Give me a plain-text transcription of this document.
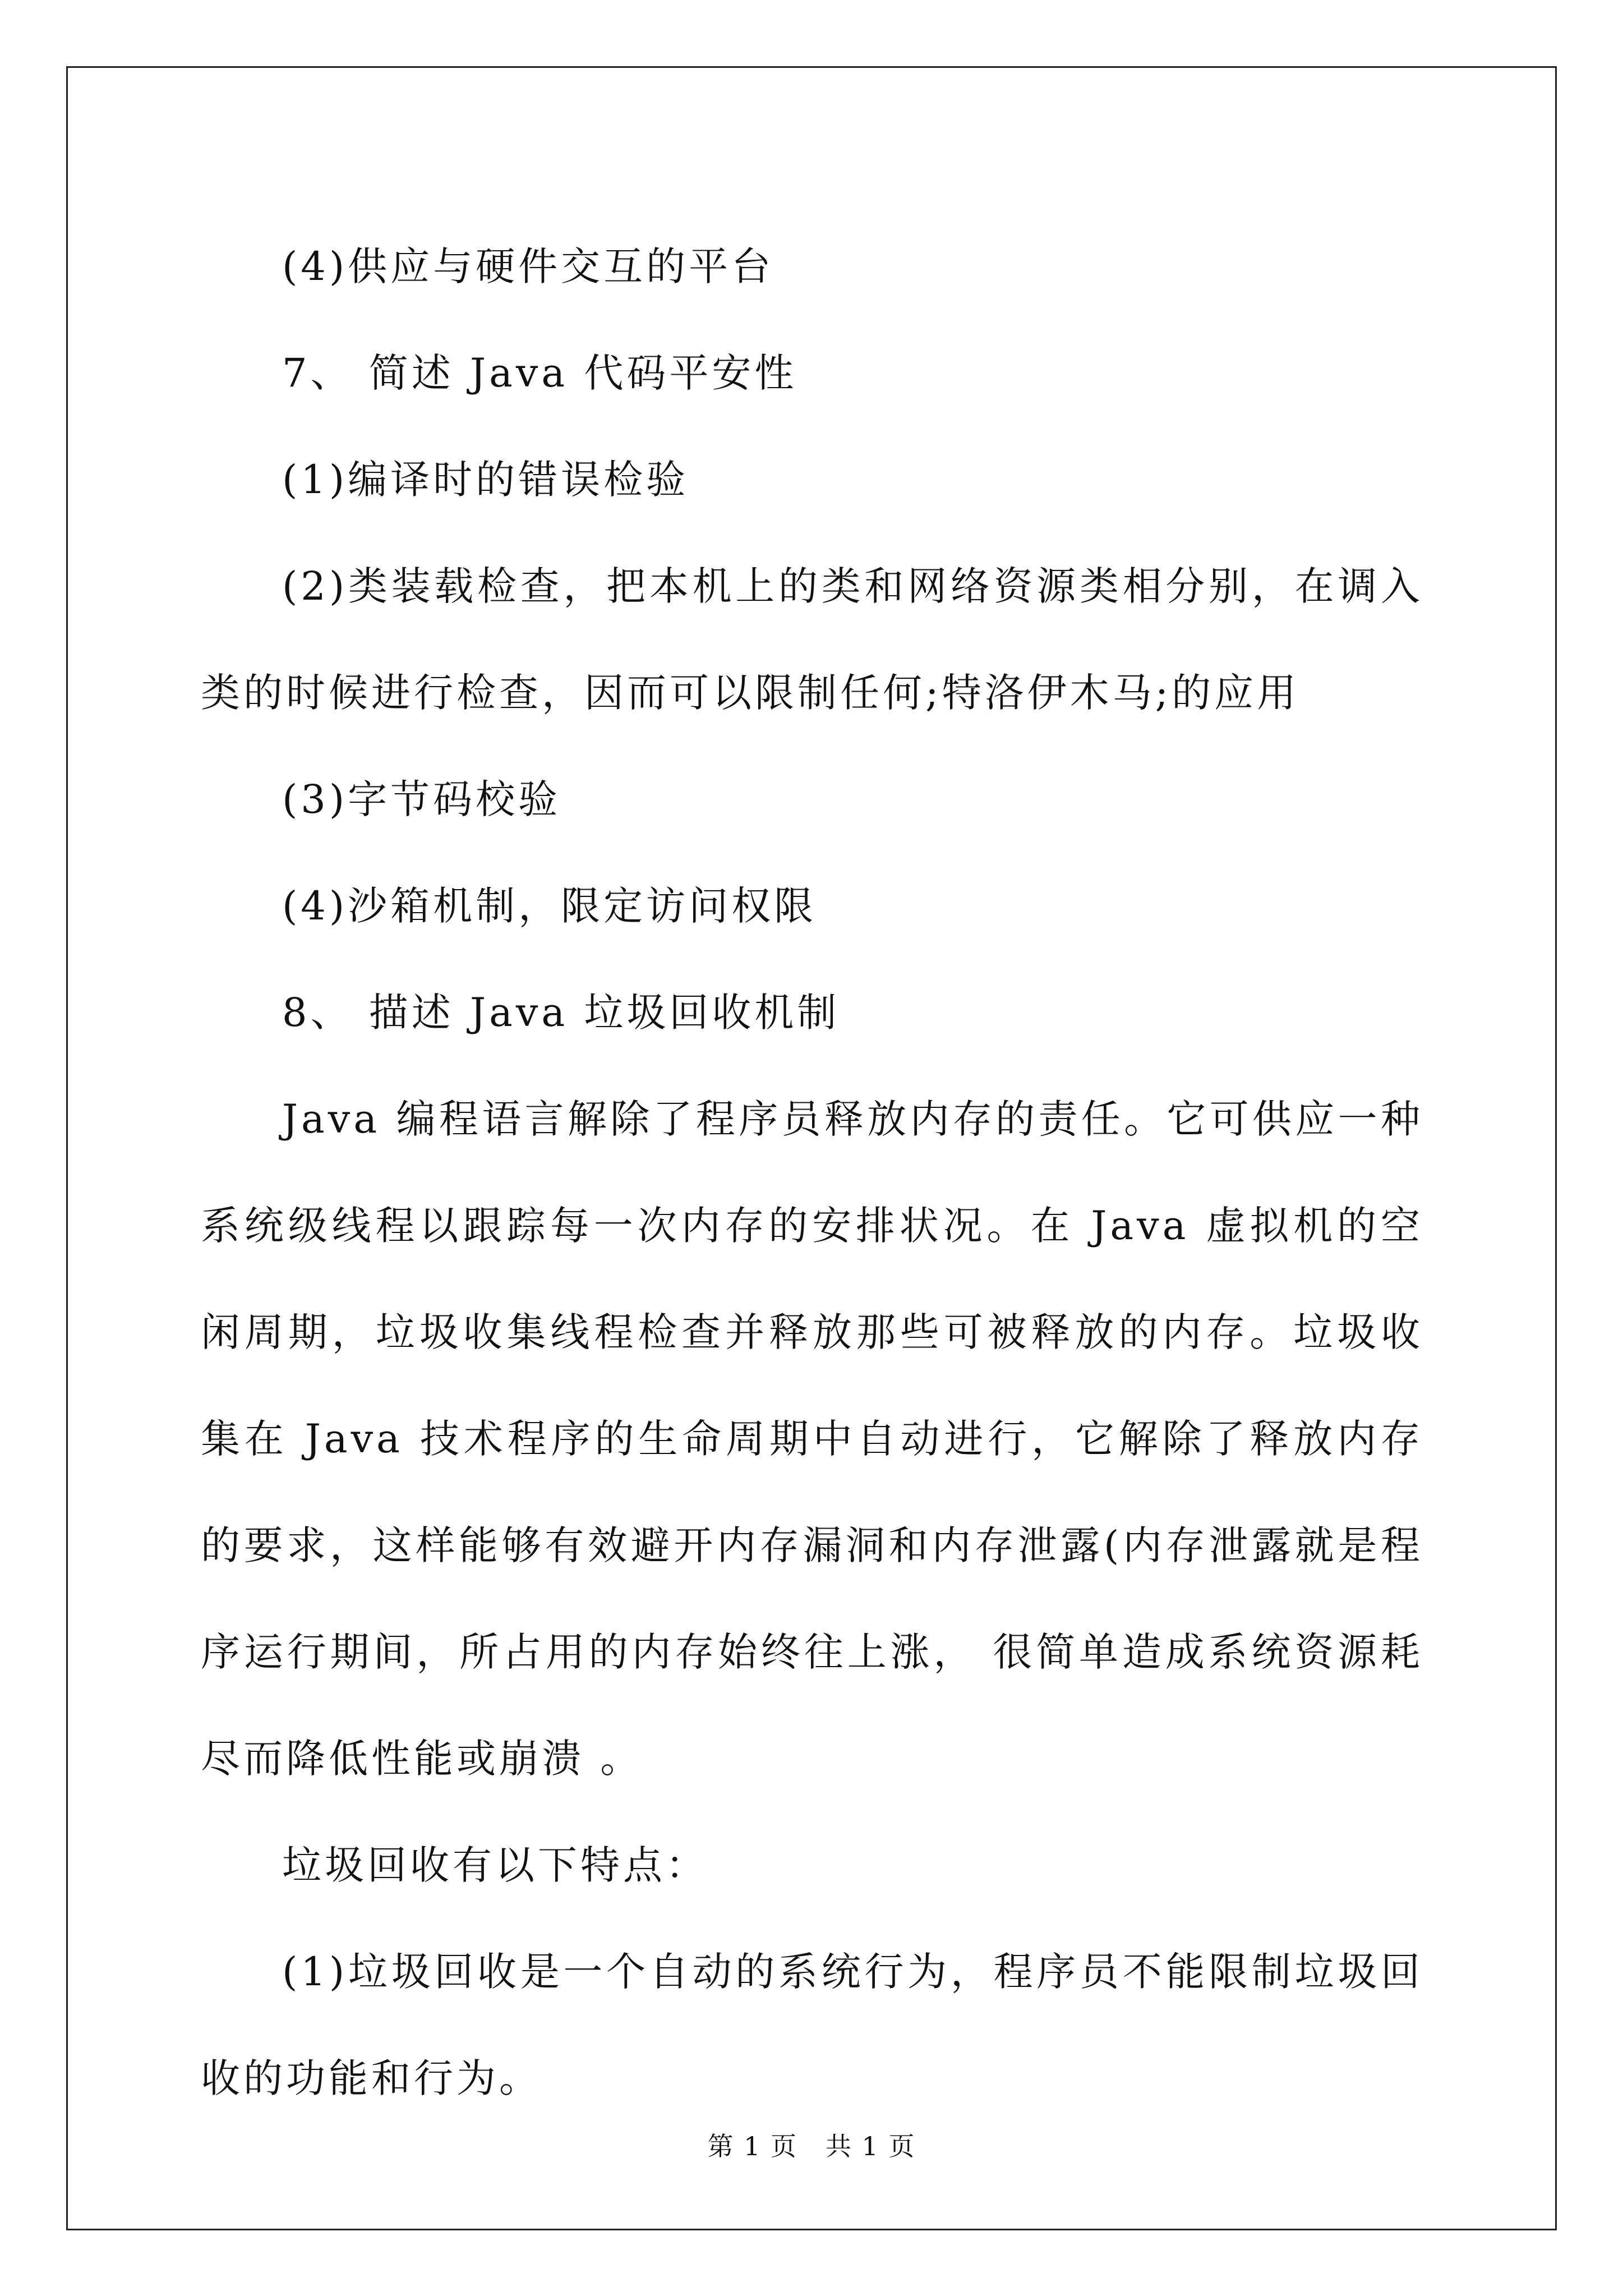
(4)供应与硬件交互的平台

7、 简述 Java 代码平安性

(1)编译时的错误检验

(2)类装载检查，把本机上的类和网络资源类相分别，在调入类的时候进行检查，因而可以限制任何;特洛伊木马;的应用

(3)字节码校验

(4)沙箱机制，限定访问权限

8、 描述 Java 垃圾回收机制

Java 编程语言解除了程序员释放内存的责任。它可供应一种系统级线程以跟踪每一次内存的安排状况。在 Java 虚拟机的空闲周期，垃圾收集线程检查并释放那些可被释放的内存。垃圾收集在 Java 技术程序的生命周期中自动进行，它解除了释放内存的要求，这样能够有效避开内存漏洞和内存泄露(内存泄露就是程序运行期间，所占用的内存始终往上涨， 很简单造成系统资源耗尽而降低性能或崩溃 。

垃圾回收有以下特点：

(1)垃圾回收是一个自动的系统行为，程序员不能限制垃圾回收的功能和行为。

第 1 页 共 1 页
